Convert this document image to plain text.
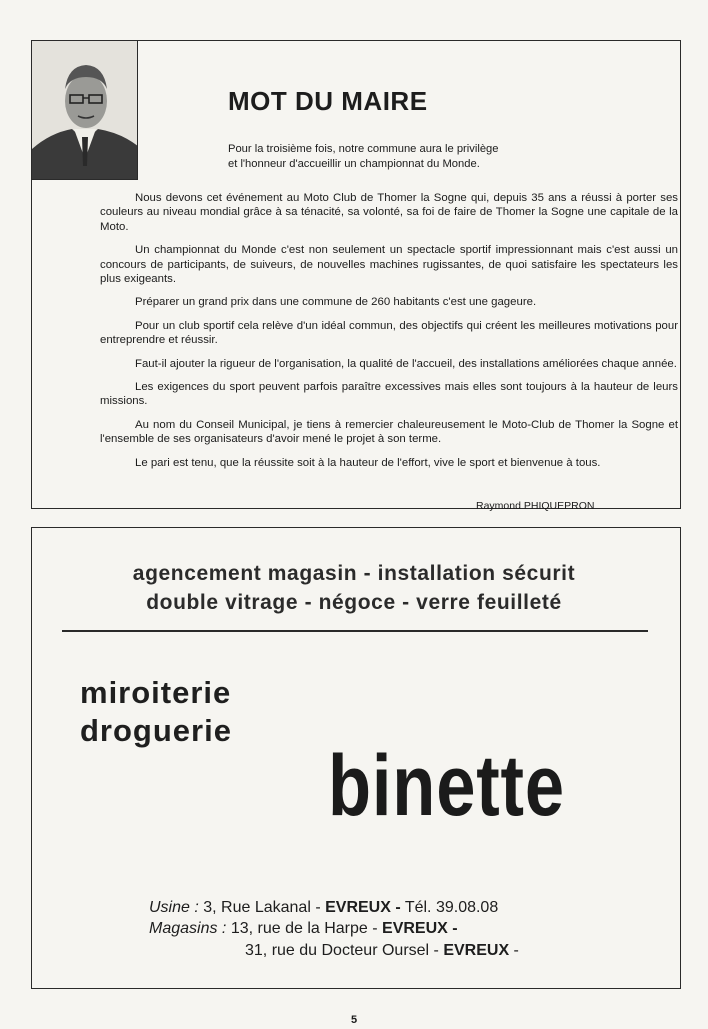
MOT DU MAIRE
Pour la troisième fois, notre commune aura le privilège
et l'honneur d'accueillir un championnat du Monde.

Nous devons cet événement au Moto Club de Thomer la Sogne qui, depuis 35 ans a réussi à porter ses couleurs au niveau mondial grâce à sa ténacité, sa volonté, sa foi de faire de Thomer la Sogne une capitale de la Moto.

Un championnat du Monde c'est non seulement un spectacle sportif impressionnant mais c'est aussi un concours de participants, de suiveurs, de nouvelles machines rugissantes, de quoi satisfaire les spectateurs les plus exigeants.

Préparer un grand prix dans une commune de 260 habitants c'est une gageure.

Pour un club sportif cela relève d'un idéal commun, des objectifs qui créent les meilleures motivations pour entreprendre et réussir.

Faut-il ajouter la rigueur de l'organisation, la qualité de l'accueil, des installations améliorées chaque année.

Les exigences du sport peuvent parfois paraître excessives mais elles sont toujours à la hauteur de leurs missions.

Au nom du Conseil Municipal, je tiens à remercier chaleureusement le Moto-Club de Thomer la Sogne et l'ensemble de ses organisateurs d'avoir mené le projet à son terme.

Le pari est tenu, que la réussite soit à la hauteur de l'effort, vive le sport et bienvenue à tous.

Raymond PHIQUEPRON

agencement magasin - installation sécurit

double vitrage - négoce - verre feuilleté

miroiterie

droguerie

binette

Usine : 3, Rue Lakanal - EVREUX - Tél. 39.08.08

Magasins : 13, rue de la Harpe - EVREUX -

31, rue du Docteur Oursel - EVREUX -

5
